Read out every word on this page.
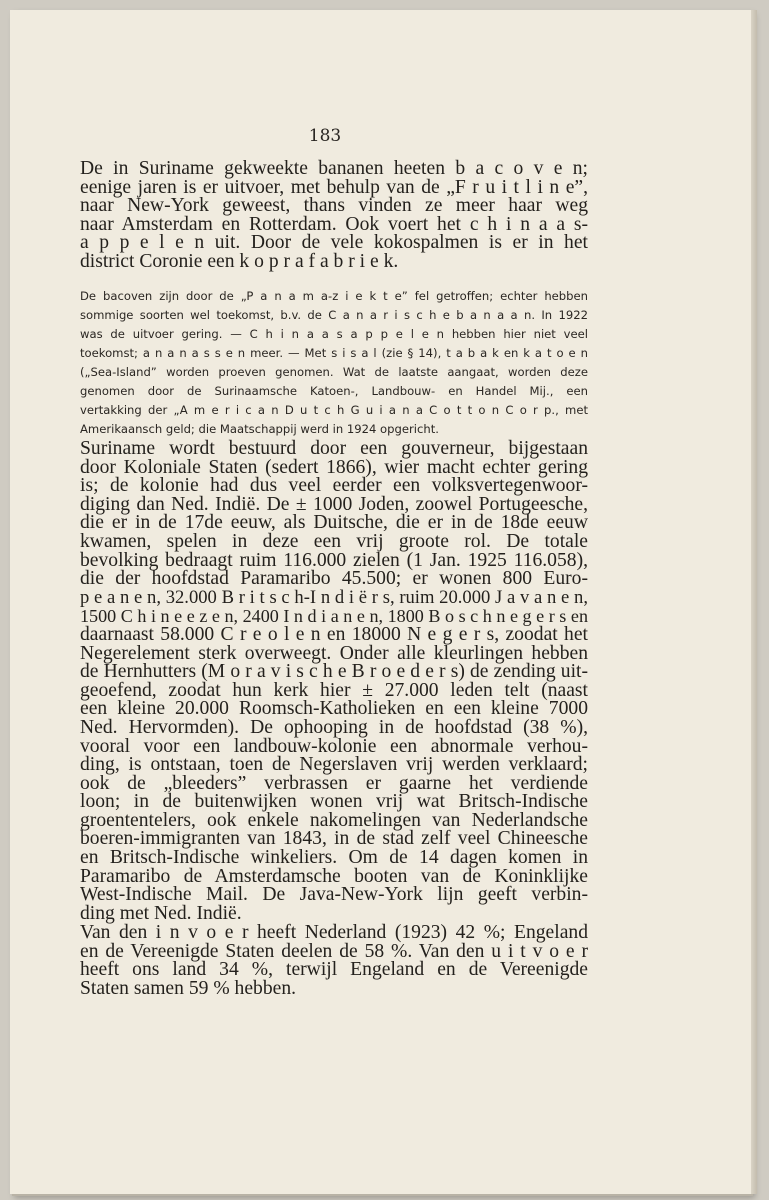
183
De in Suriname gekweekte bananen heeten b a c o v e n;
eenige jaren is er uitvoer, met behulp van de „F r u i t l i n e”,
naar New-York geweest, thans vinden ze meer haar weg
naar Amsterdam en Rotterdam. Ook voert het c h i n a a s-
a p p e l e n uit. Door de vele kokospalmen is er in het
district Coronie een k o p r a f a b r i e k.
De bacoven zijn door de „P a n a m a-z i e k t e” fel getroffen; echter hebben
sommige soorten wel toekomst, b.v. de C a n a r i s c h e b a n a a n. In 1922
was de uitvoer gering. — C h i n a a s a p p e l e n hebben hier niet veel
toekomst; a n a n a s s e n meer. — Met s i s a l (zie § 14), t a b a k en k a t o e n
(„Sea-Island” worden proeven genomen. Wat de laatste aangaat, worden deze
genomen door de Surinaamsche Katoen-, Landbouw- en Handel Mij., een
vertakking der „A m e r i c a n D u t c h G u i a n a C o t t o n C o r p., met
Amerikaansch geld; die Maatschappij werd in 1924 opgericht.
Suriname wordt bestuurd door een gouverneur, bijgestaan
door Koloniale Staten (sedert 1866), wier macht echter gering
is; de kolonie had dus veel eerder een volksvertegenwoor-
diging dan Ned. Indië. De ± 1000 Joden, zoowel Portugeesche,
die er in de 17de eeuw, als Duitsche, die er in de 18de eeuw
kwamen, spelen in deze een vrij groote rol. De totale
bevolking bedraagt ruim 116.000 zielen (1 Jan. 1925 116.058),
die der hoofdstad Paramaribo 45.500; er wonen 800 Euro-
p e a n e n, 32.000 B r i t s c h-I n d i ë r s, ruim 20.000 J a v a n e n,
1500 C h i n e e z e n, 2400 I n d i a n e n, 1800 B o s c h n e g e r s en
daarnaast 58.000 C r e o l e n en 18000 N e g e r s, zoodat het
Negerelement sterk overweegt. Onder alle kleurlingen hebben
de Hernhutters (M o r a v i s c h e B r o e d e r s) de zending uit-
geoefend, zoodat hun kerk hier ± 27.000 leden telt (naast
een kleine 20.000 Roomsch-Katholieken en een kleine 7000
Ned. Hervormden). De ophooping in de hoofdstad (38 %),
vooral voor een landbouw-kolonie een abnormale verhou-
ding, is ontstaan, toen de Negerslaven vrij werden verklaard;
ook de „bleeders” verbrassen er gaarne het verdiende
loon; in de buitenwijken wonen vrij wat Britsch-Indische
groententelers, ook enkele nakomelingen van Nederlandsche
boeren-immigranten van 1843, in de stad zelf veel Chineesche
en Britsch-Indische winkeliers. Om de 14 dagen komen in
Paramaribo de Amsterdamsche booten van de Koninklijke
West-Indische Mail. De Java-New-York lijn geeft verbin-
ding met Ned. Indië.
Van den i n v o e r heeft Nederland (1923) 42 %; Engeland
en de Vereenigde Staten deelen de 58 %. Van den u i t v o e r
heeft ons land 34 %, terwijl Engeland en de Vereenigde
Staten samen 59 % hebben.
